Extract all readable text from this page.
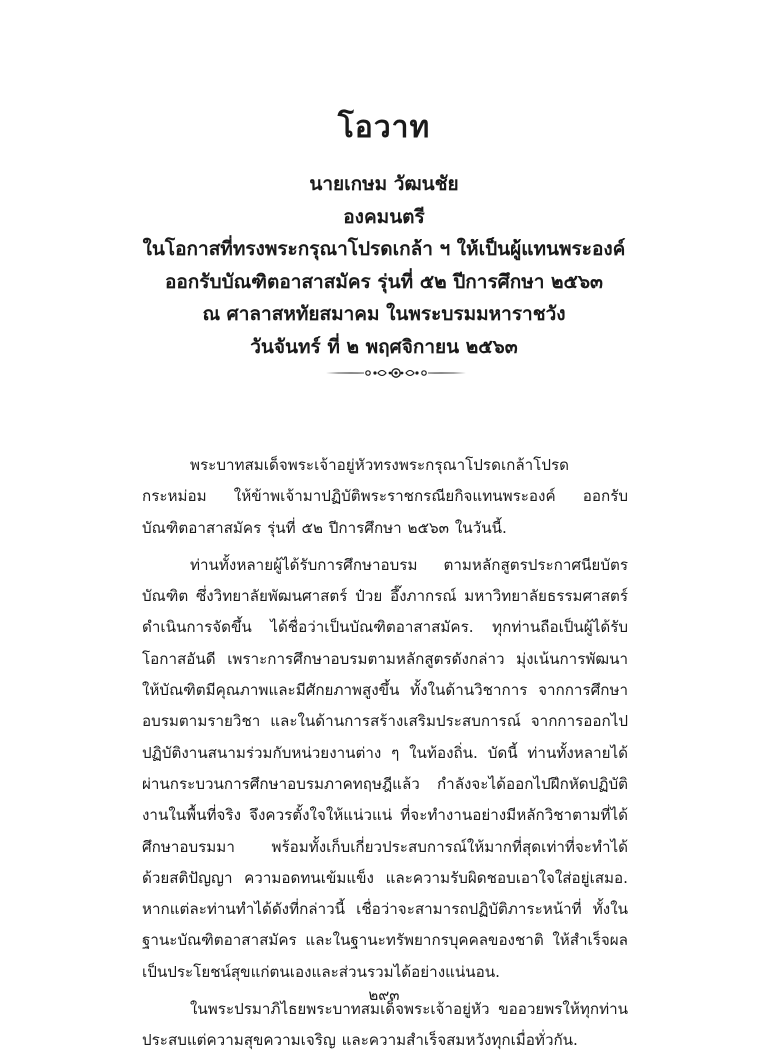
โอวาท
นายเกษม วัฒนชัย
องคมนตรี
ในโอกาสที่ทรงพระกรุณาโปรดเกล้า ฯ ให้เป็นผู้แทนพระองค์
ออกรับบัณฑิตอาสาสมัคร รุ่นที่ ๕๒ ปีการศึกษา ๒๕๖๓
ณ ศาลาสหทัยสมาคม ในพระบรมมหาราชวัง
วันจันทร์ ที่ ๒ พฤศจิกายน ๒๕๖๓

พระบาทสมเด็จพระเจ้าอยู่หัวทรงพระกรุณาโปรดเกล้าโปรดกระหม่อม ให้ข้าพเจ้ามาปฏิบัติพระราชกรณียกิจแทนพระองค์ ออกรับบัณฑิตอาสาสมัคร รุ่นที่ ๕๒ ปีการศึกษา ๒๕๖๓ ในวันนี้.

ท่านทั้งหลายผู้ได้รับการศึกษาอบรม ตามหลักสูตรประกาศนียบัตรบัณฑิต ซึ่งวิทยาลัยพัฒนศาสตร์ ป๋วย อึ๊งภากรณ์ มหาวิทยาลัยธรรมศาสตร์ ดำเนินการจัดขึ้น ได้ชื่อว่าเป็นบัณฑิตอาสาสมัคร. ทุกท่านถือเป็นผู้ได้รับโอกาสอันดี เพราะการศึกษาอบรมตามหลักสูตรดังกล่าว มุ่งเน้นการพัฒนาให้บัณฑิตมีคุณภาพและมีศักยภาพสูงขึ้น ทั้งในด้านวิชาการ จากการศึกษาอบรมตามรายวิชา และในด้านการสร้างเสริมประสบการณ์ จากการออกไปปฏิบัติงานสนามร่วมกับหน่วยงานต่าง ๆ ในท้องถิ่น. บัดนี้ ท่านทั้งหลายได้ผ่านกระบวนการศึกษาอบรมภาคทฤษฎีแล้ว กำลังจะได้ออกไปฝึกหัดปฏิบัติงานในพื้นที่จริง จึงควรตั้งใจให้แน่วแน่ ที่จะทำงานอย่างมีหลักวิชาตามที่ได้ศึกษาอบรมมา พร้อมทั้งเก็บเกี่ยวประสบการณ์ให้มากที่สุดเท่าที่จะทำได้ ด้วยสติปัญญา ความอดทนเข้มแข็ง และความรับผิดชอบเอาใจใส่อยู่เสมอ. หากแต่ละท่านทำได้ดังที่กล่าวนี้ เชื่อว่าจะสามารถปฏิบัติภาระหน้าที่ ทั้งในฐานะบัณฑิตอาสาสมัคร และในฐานะทรัพยากรบุคคลของชาติ ให้สำเร็จผลเป็นประโยชน์สุขแก่ตนเองและส่วนรวมได้อย่างแน่นอน.

ในพระปรมาภิไธยพระบาทสมเด็จพระเจ้าอยู่หัว ขออวยพรให้ทุกท่านประสบแต่ความสุขความเจริญ และความสำเร็จสมหวังทุกเมื่อทั่วกัน.

๒๙๓
